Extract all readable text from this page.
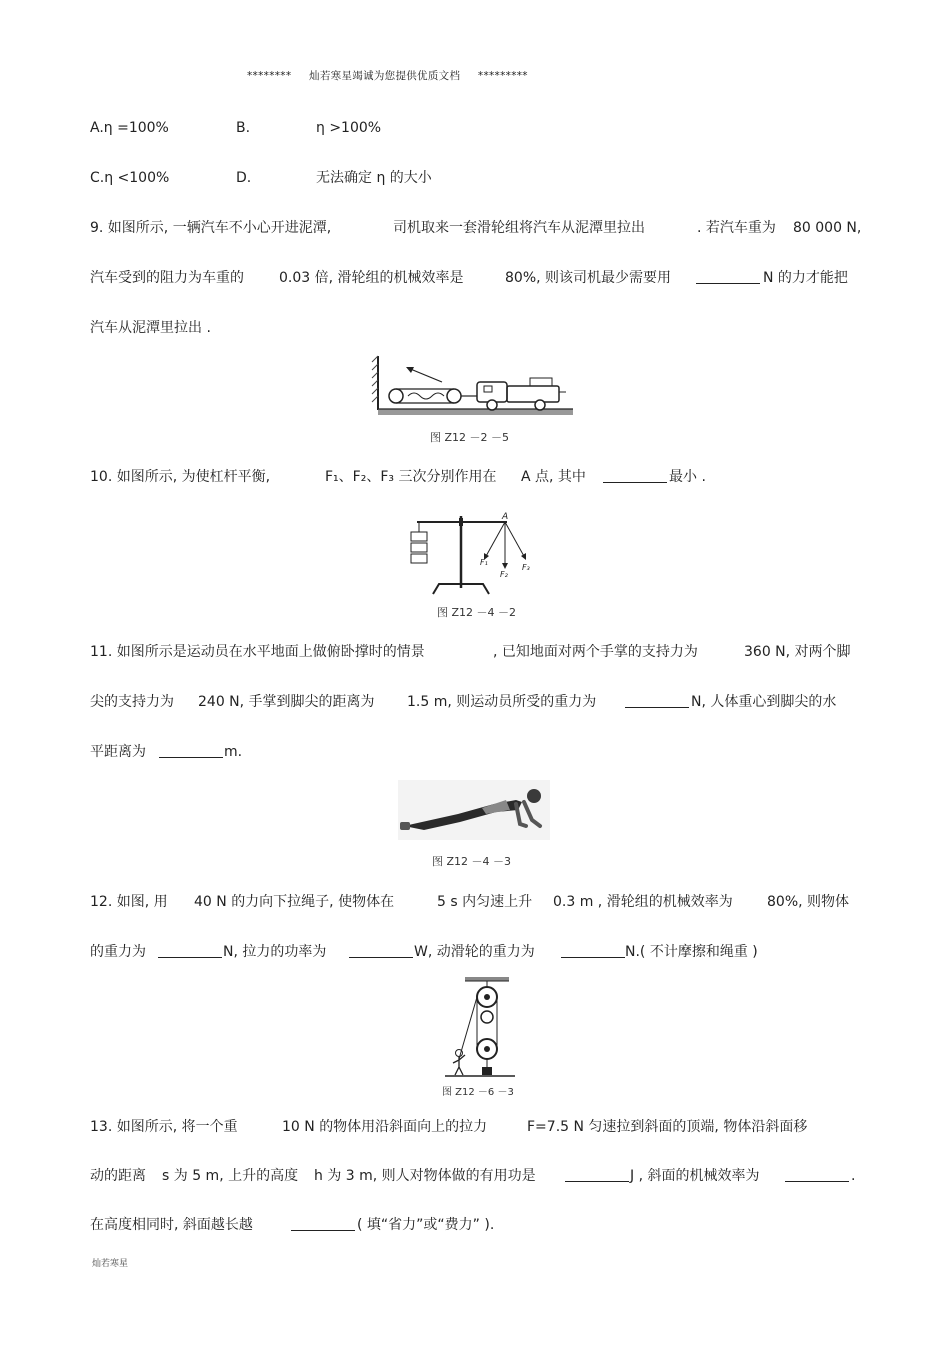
******** 灿若寒星竭诚为您提供优质文档 *********
A.η =100%	B.	η >100%
C.η <100%	D.	无法确定 η 的大小
9. 如图所示, 一辆汽车不小心开进泥潭,	司机取来一套滑轮组将汽车从泥潭里拉出	. 若汽车重为 80 000 N,
汽车受到的阻力为车重的	0.03 倍, 滑轮组的机械效率是	80%, 则该司机最少需要用	N 的力才能把
汽车从泥潭里拉出 .
图 Z12 －2 －5
10. 如图所示, 为使杠杆平衡,	F₁、F₂、F₃ 三次分别作用在 A 点, 其中	最小 .
A
F₁
F₂
F₃
图 Z12 －4 －2
11. 如图所示是运动员在水平地面上做俯卧撑时的情景	, 已知地面对两个手掌的支持力为	360 N, 对两个脚
尖的支持力为 240 N, 手掌到脚尖的距离为 1.5 m, 则运动员所受的重力为	N, 人体重心到脚尖的水
平距离为	m.
图 Z12 －4 －3
12. 如图, 用 40 N 的力向下拉绳子, 使物体在	5 s 内匀速上升 0.3 m , 滑轮组的机械效率为 80%, 则物体
的重力为	N, 拉力的功率为	W, 动滑轮的重力为	N.( 不计摩擦和绳重 )
图 Z12 －6 －3
13. 如图所示, 将一个重	10 N 的物体用沿斜面向上的拉力	F=7.5 N 匀速拉到斜面的顶端, 物体沿斜面移
动的距离 s 为 5 m, 上升的高度 h 为 3 m, 则人对物体做的有用功是	J , 斜面的机械效率为	.
在高度相同时, 斜面越长越	( 填“省力”或“费力” ).
灿若寒星
